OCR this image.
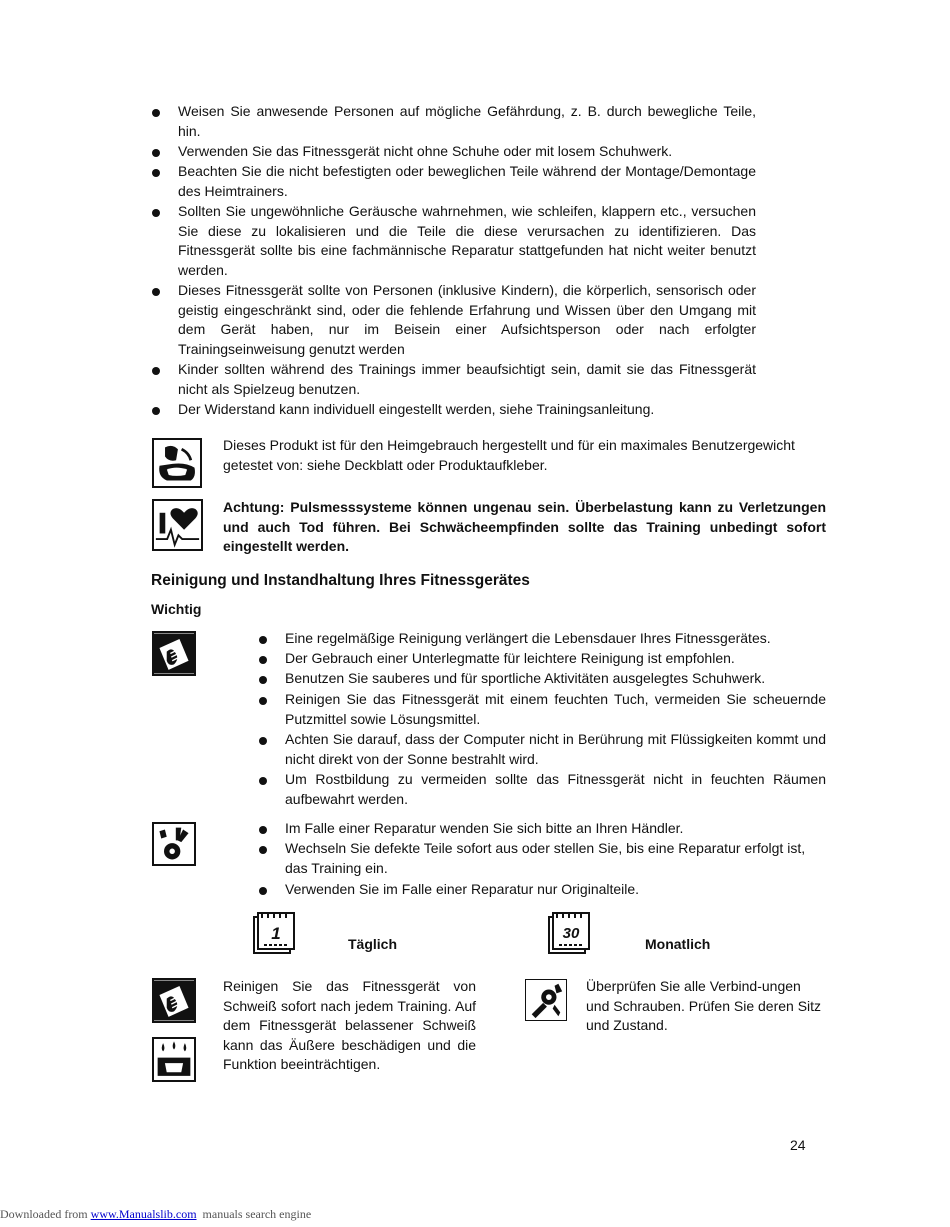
Weisen Sie anwesende Personen auf mögliche Gefährdung, z. B. durch bewegliche Teile, hin.

Verwenden Sie das Fitnessgerät nicht ohne Schuhe oder mit losem Schuhwerk.

Beachten Sie die nicht befestigten oder beweglichen Teile während der Montage/Demontage des Heimtrainers.

Sollten Sie ungewöhnliche Geräusche wahrnehmen, wie schleifen, klappern etc., versuchen Sie diese zu lokalisieren und die Teile die diese verursachen zu identifizieren. Das Fitnessgerät sollte bis eine fachmännische Reparatur stattgefunden hat nicht weiter benutzt werden.

Dieses Fitnessgerät sollte von Personen (inklusive Kindern), die körperlich, sensorisch oder geistig eingeschränkt sind, oder die fehlende Erfahrung und Wissen über den Umgang mit dem Gerät haben, nur im Beisein einer Aufsichtsperson oder nach erfolgter Trainingseinweisung genutzt werden

Kinder sollten während des Trainings immer beaufsichtigt sein, damit sie das Fitnessgerät nicht als Spielzeug benutzen.

Der Widerstand kann individuell eingestellt werden, siehe Trainingsanleitung.

Dieses Produkt ist für den Heimgebrauch hergestellt und für ein maximales Benutzergewicht getestet von: siehe Deckblatt oder Produktaufkleber.

Achtung: Pulsmesssysteme können ungenau sein. Überbelastung kann zu Verletzungen und auch Tod führen. Bei Schwächeempfinden sollte das Training unbedingt sofort eingestellt werden.

Reinigung und Instandhaltung Ihres Fitnessgerätes

Wichtig

Eine regelmäßige Reinigung verlängert die Lebensdauer Ihres Fitnessgerätes.

Der Gebrauch einer Unterlegmatte für leichtere Reinigung ist empfohlen.

Benutzen Sie sauberes und für sportliche Aktivitäten ausgelegtes Schuhwerk.

Reinigen Sie das Fitnessgerät mit einem feuchten Tuch, vermeiden Sie scheuernde Putzmittel sowie Lösungsmittel.

Achten Sie darauf, dass der Computer nicht in Berührung mit Flüssigkeiten kommt und nicht direkt von der Sonne bestrahlt wird.

Um Rostbildung zu vermeiden sollte das Fitnessgerät nicht in feuchten Räumen aufbewahrt werden.

Im Falle einer Reparatur wenden Sie sich bitte an Ihren Händler.

Wechseln Sie defekte Teile sofort aus oder stellen Sie, bis eine Reparatur erfolgt ist, das Training ein.

Verwenden Sie im Falle einer Reparatur nur Originalteile.

1

Täglich

Reinigen Sie das Fitnessgerät von Schweiß sofort nach jedem Training. Auf dem Fitnessgerät belassener Schweiß kann das Äußere beschädigen und die Funktion beeinträchtigen.

30

Monatlich

Überprüfen Sie alle Verbind-ungen und Schrauben. Prüfen Sie deren Sitz und Zustand.

24

Downloaded from www.Manualslib.com manuals search engine
